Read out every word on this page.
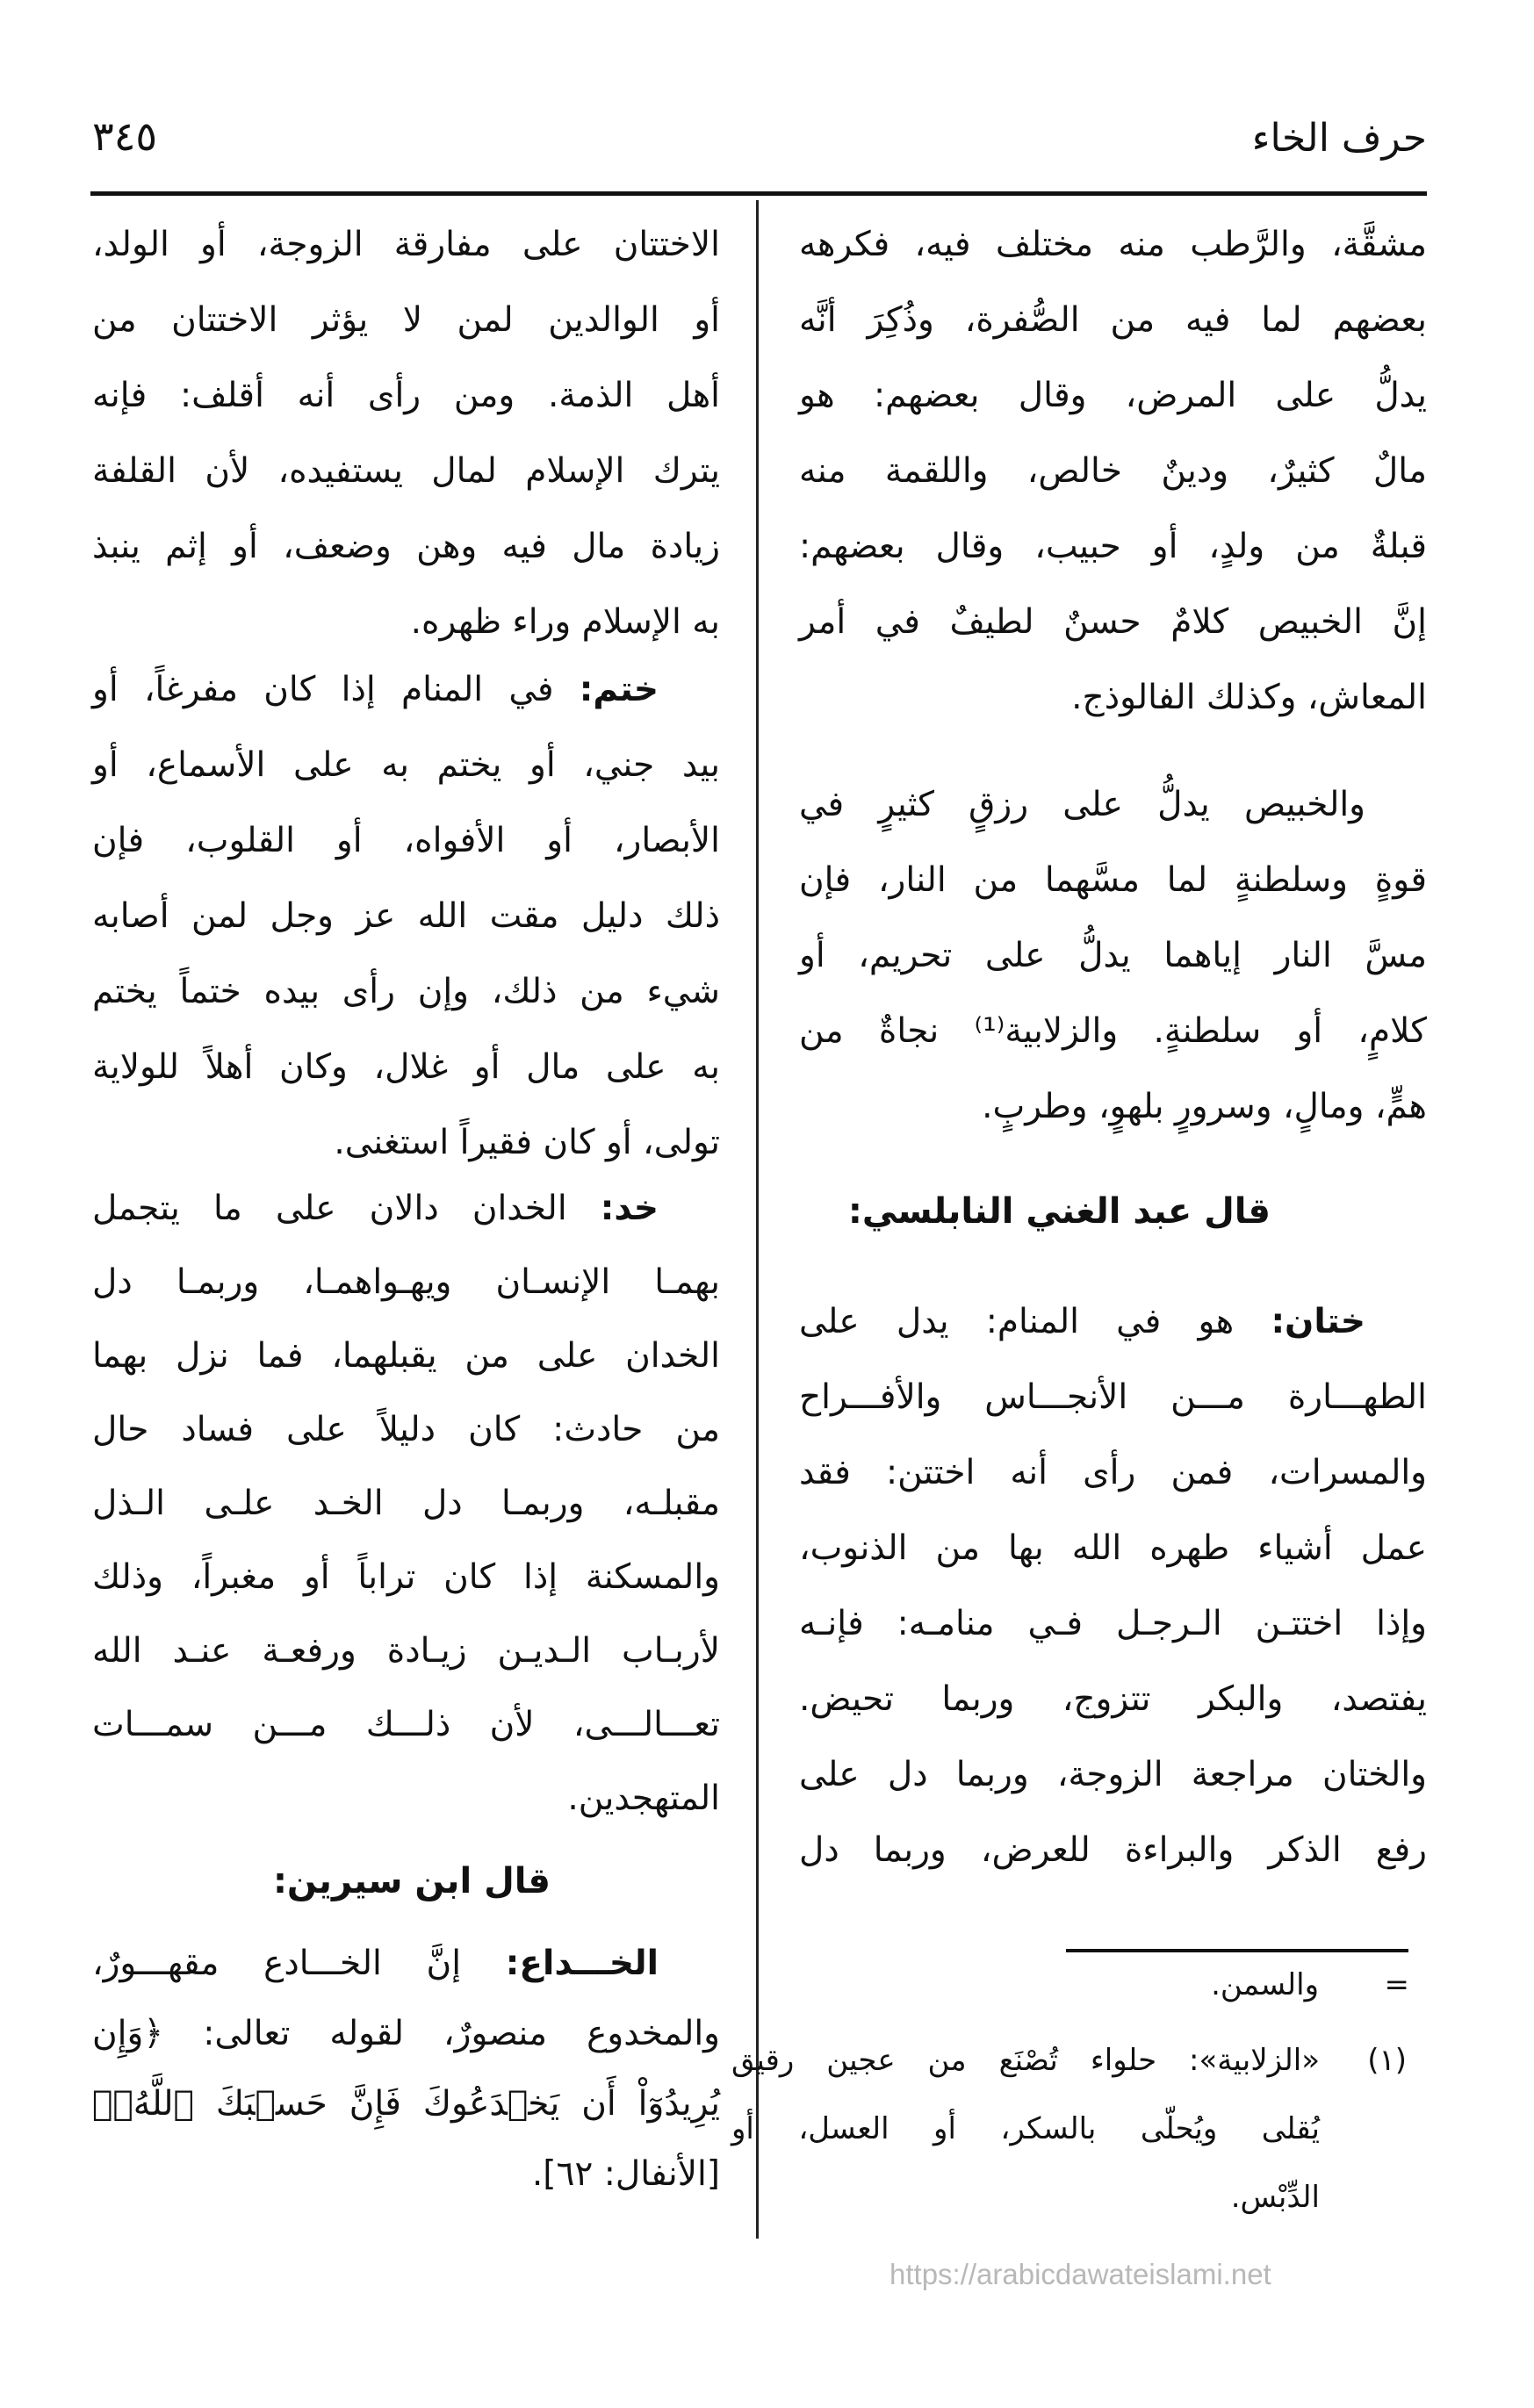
حرف الخاء
٣٤٥
مشقَّة، والرَّطب منه مختلف فيه، فكرهه
بعضهم لما فيه من الصُّفرة، وذُكِرَ أنَّه
يدلُّ على المرض، وقال بعضهم: هو
مالٌ كثيرٌ، ودينٌ خالص، واللقمة منه
قبلةٌ من ولدٍ، أو حبيب، وقال بعضهم:
إنَّ الخبيص كلامٌ حسنٌ لطيفٌ في أمر
المعاش، وكذلك الفالوذج.
والخبيص يدلُّ على رزقٍ كثيرٍ في
قوةٍ وسلطنةٍ لما مسَّهما من النار، فإن
مسَّ النار إياهما يدلُّ على تحريم، أو
كلامٍ، أو سلطنةٍ. والزلابية⁽¹⁾ نجاةٌ من
همٍّ، ومالٍ، وسرورٍ بلهوٍ، وطربٍ.
قال عبد الغني النابلسي:
ختان: هو في المنام: يدل على
الطهـــارة مـــن الأنجـــاس والأفـــراح
والمسرات، فمن رأى أنه اختتن: فقد
عمل أشياء طهره الله بها من الذنوب،
وإذا اختتـن الـرجـل فـي منامـه: فإنـه
يفتصد، والبكر تتزوج، وربما تحيض.
والختان مراجعة الزوجة، وربما دل على
رفع الذكر والبراءة للعرض، وربما دل
=
والسمن.
(١)
«الزلابية»: حلواء تُصْنَع من عجين رقيق
يُقلى ويُحلّى بالسكر، أو العسل، أو
الدِّبْس.
الاختتان على مفارقة الزوجة، أو الولد،
أو الوالدين لمن لا يؤثر الاختتان من
أهل الذمة. ومن رأى أنه أقلف: فإنه
يترك الإسلام لمال يستفيده، لأن القلفة
زيادة مال فيه وهن وضعف، أو إثم ينبذ
به الإسلام وراء ظهره.
ختم: في المنام إذا كان مفرغاً، أو
بيد جني، أو يختم به على الأسماع، أو
الأبصار، أو الأفواه، أو القلوب، فإن
ذلك دليل مقت الله عز وجل لمن أصابه
شيء من ذلك، وإن رأى بيده ختماً يختم
به على مال أو غلال، وكان أهلاً للولاية
تولى، أو كان فقيراً استغنى.
خد: الخدان دالان على ما يتجمل
بهمـا الإنسـان ويهـواهمـا، وربمـا دل
الخدان على من يقبلهما، فما نزل بهما
من حادث: كان دليلاً على فساد حال
مقبلـه، وربمـا دل الخـد علـى الـذل
والمسكنة إذا كان تراباً أو مغبراً، وذلك
لأربـاب الـديـن زيـادة ورفعـة عنـد الله
تعـــالـــى، لأن ذلـــك مـــن سمـــات
المتهجدين.
قال ابن سيرين:
الخـــداع: إنَّ الخـــادع مقهـــورٌ،
والمخدوع منصورٌ، لقوله تعالى: ﴿وَإِن
يُرِيدُوٓاْ أَن يَخۡدَعُوكَ فَإِنَّ حَسۡبَكَ ٱللَّهُۚ﴾
[الأنفال: ٦٢].
https://arabicdawateislami.net
